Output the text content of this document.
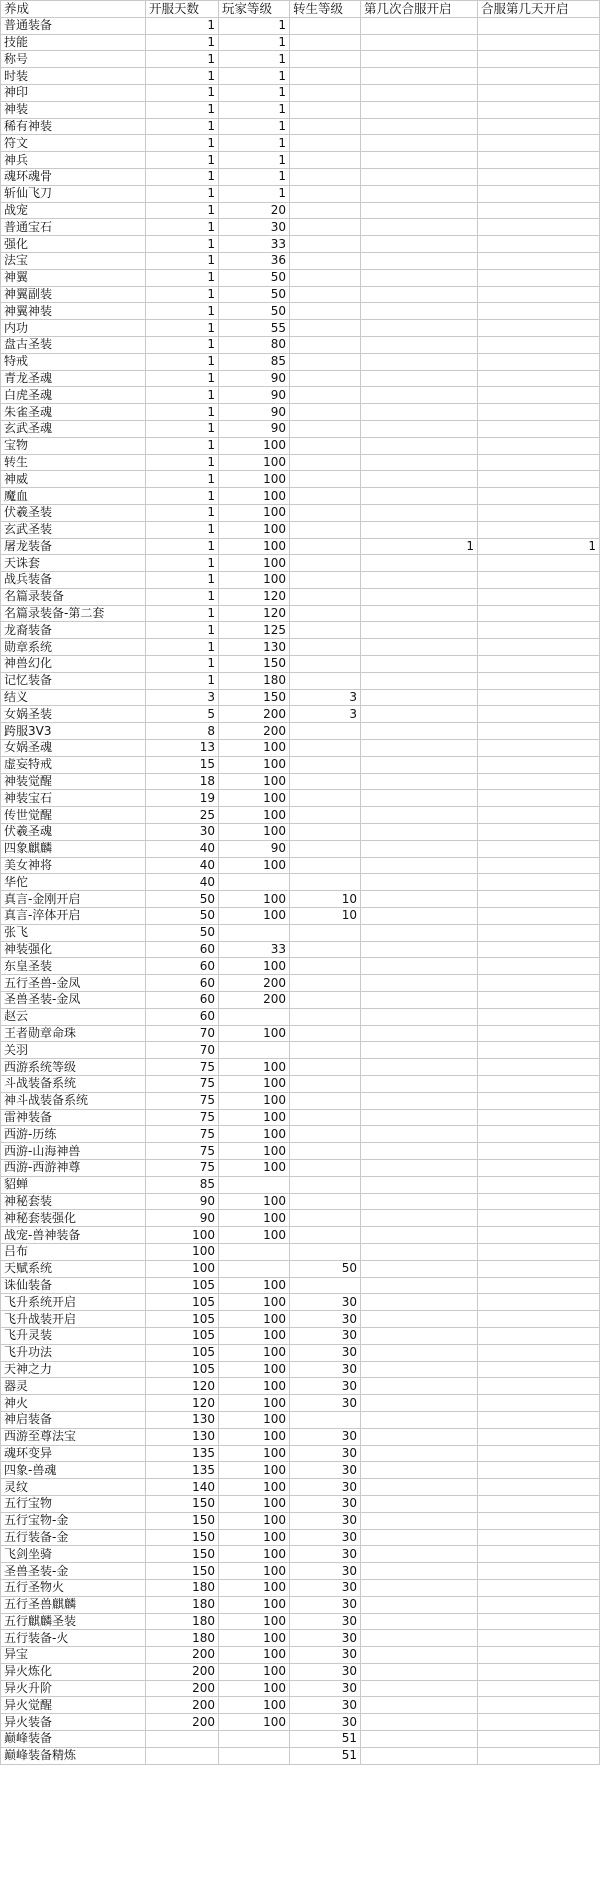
养成	开服天数	玩家等级	转生等级	第几次合服开启	合服第几天开启
普通装备	1	1			
技能	1	1			
称号	1	1			
时装	1	1			
神印	1	1			
神装	1	1			
稀有神装	1	1			
符文	1	1			
神兵	1	1			
魂环魂骨	1	1			
斩仙飞刀	1	1			
战宠	1	20			
普通宝石	1	30			
强化	1	33			
法宝	1	36			
神翼	1	50			
神翼副装	1	50			
神翼神装	1	50			
内功	1	55			
盘古圣装	1	80			
特戒	1	85			
青龙圣魂	1	90			
白虎圣魂	1	90			
朱雀圣魂	1	90			
玄武圣魂	1	90			
宝物	1	100			
转生	1	100			
神威	1	100			
魔血	1	100			
伏羲圣装	1	100			
玄武圣装	1	100			
屠龙装备	1	100		1	1
天诛套	1	100			
战兵装备	1	100			
名篇录装备	1	120			
名篇录装备-第二套	1	120			
龙裔装备	1	125			
勋章系统	1	130			
神兽幻化	1	150			
记忆装备	1	180			
结义	3	150	3		
女娲圣装	5	200	3		
跨服3V3	8	200			
女娲圣魂	13	100			
虚妄特戒	15	100			
神装觉醒	18	100			
神装宝石	19	100			
传世觉醒	25	100			
伏羲圣魂	30	100			
四象麒麟	40	90			
美女神将	40	100			
华佗	40				
真言-金刚开启	50	100	10		
真言-淬体开启	50	100	10		
张飞	50				
神装强化	60	33			
东皇圣装	60	100			
五行圣兽-金凤	60	200			
圣兽圣装-金凤	60	200			
赵云	60				
王者勋章命珠	70	100			
关羽	70				
西游系统等级	75	100			
斗战装备系统	75	100			
神斗战装备系统	75	100			
雷神装备	75	100			
西游-历练	75	100			
西游-山海神兽	75	100			
西游-西游神尊	75	100			
貂蝉	85				
神秘套装	90	100			
神秘套装强化	90	100			
战宠-兽神装备	100	100			
吕布	100				
天赋系统	100		50		
诛仙装备	105	100			
飞升系统开启	105	100	30		
飞升战装开启	105	100	30		
飞升灵装	105	100	30		
飞升功法	105	100	30		
天神之力	105	100	30		
器灵	120	100	30		
神火	120	100	30		
神启装备	130	100			
西游至尊法宝	130	100	30		
魂环变异	135	100	30		
四象-兽魂	135	100	30		
灵纹	140	100	30		
五行宝物	150	100	30		
五行宝物-金	150	100	30		
五行装备-金	150	100	30		
飞剑坐骑	150	100	30		
圣兽圣装-金	150	100	30		
五行圣物火	180	100	30		
五行圣兽麒麟	180	100	30		
五行麒麟圣装	180	100	30		
五行装备-火	180	100	30		
异宝	200	100	30		
异火炼化	200	100	30		
异火升阶	200	100	30		
异火觉醒	200	100	30		
异火装备	200	100	30		
巅峰装备			51		
巅峰装备精炼			51		
